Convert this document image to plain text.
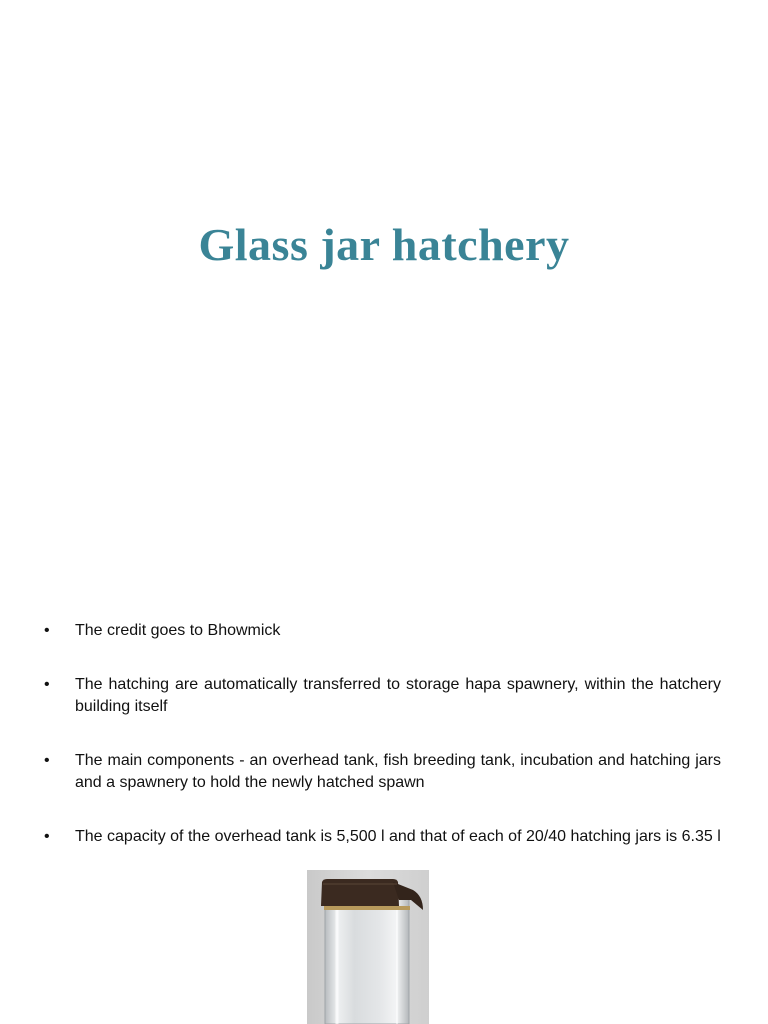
Glass jar hatchery
• The credit goes to Bhowmick
• The hatching are automatically transferred to storage hapa spawnery, within the hatchery building itself
• The main components - an overhead tank, fish breeding tank, incubation and hatching jars and a spawnery to hold the newly hatched spawn
• The capacity of the overhead tank is 5,500 l and that of each of 20/40 hatching jars is 6.35 l
